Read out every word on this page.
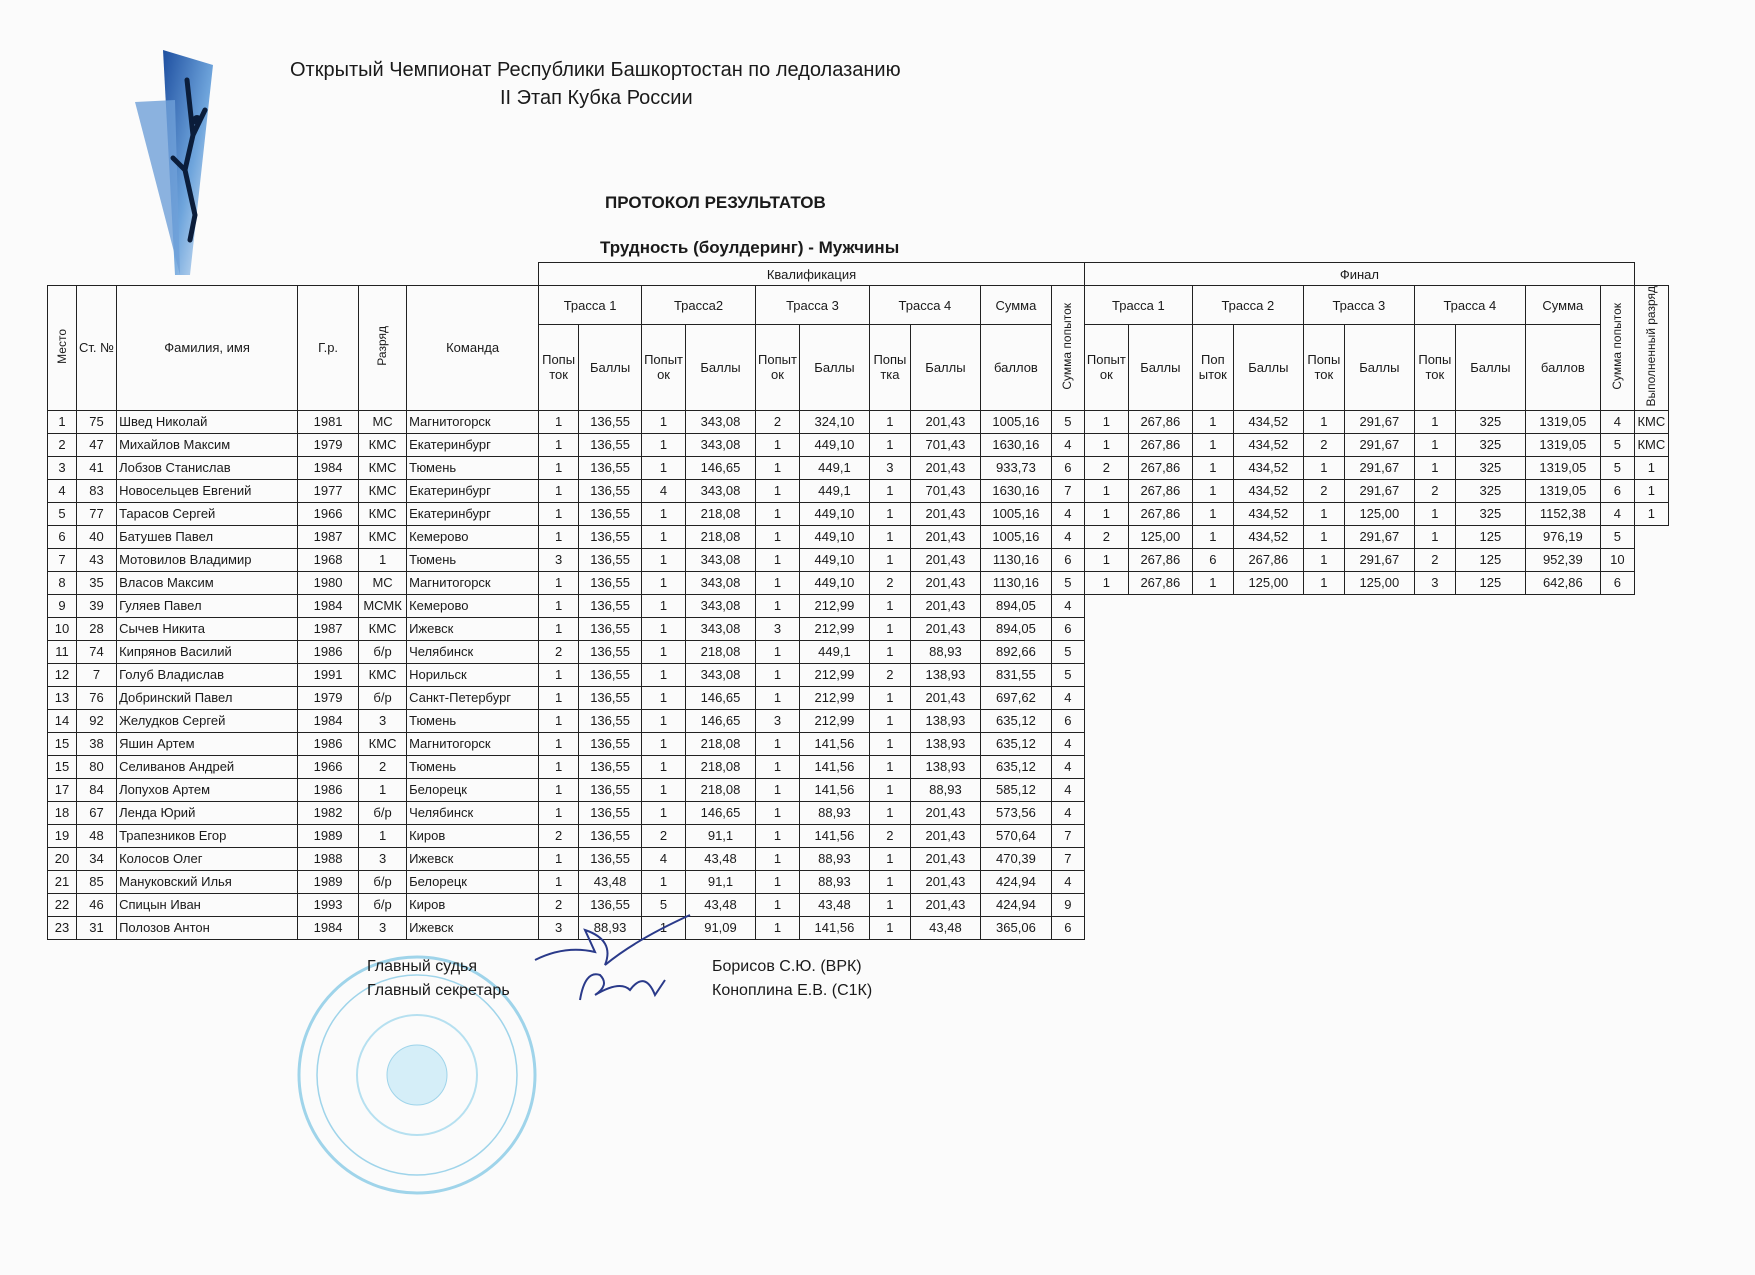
Открытый Чемпионат Республики Башкортостан по ледолазанию
II Этап Кубка России
ПРОТОКОЛ РЕЗУЛЬТАТОВ
Трудность (боулдеринг) - Мужчины
						Квалификация										Финал										
Место	Ст. №	Фамилия, имя	Г.р.	Разряд	Команда	Трасса 1		Трасса2		Трасса 3		Трасса 4		Сумма	Сумма попыток	Трасса 1		Трасса 2		Трасса 3		Трасса 4		Сумма	Сумма попыток	Выполненный разряд
						Попы ток	Баллы	Попыт ок	Баллы	Попыт ок	Баллы	Попы тка	Баллы	баллов		Попыт ок	Баллы	Поп ыток	Баллы	Попы ток	Баллы	Попы ток	Баллы	баллов		
1	75	Швед Николай	1981	МС	Магнитогорск	1	136,55	1	343,08	2	324,10	1	201,43	1005,16	5	1	267,86	1	434,52	1	291,67	1	325	1319,05	4	КМС
2	47	Михайлов Максим	1979	КМС	Екатеринбург	1	136,55	1	343,08	1	449,10	1	701,43	1630,16	4	1	267,86	1	434,52	2	291,67	1	325	1319,05	5	КМС
3	41	Лобзов Станислав	1984	КМС	Тюмень	1	136,55	1	146,65	1	449,1	3	201,43	933,73	6	2	267,86	1	434,52	1	291,67	1	325	1319,05	5	1
4	83	Новосельцев Евгений	1977	КМС	Екатеринбург	1	136,55	4	343,08	1	449,1	1	701,43	1630,16	7	1	267,86	1	434,52	2	291,67	2	325	1319,05	6	1
5	77	Тарасов Сергей	1966	КМС	Екатеринбург	1	136,55	1	218,08	1	449,10	1	201,43	1005,16	4	1	267,86	1	434,52	1	125,00	1	325	1152,38	4	1
6	40	Батушев Павел	1987	КМС	Кемерово	1	136,55	1	218,08	1	449,10	1	201,43	1005,16	4	2	125,00	1	434,52	1	291,67	1	125	976,19	5	
7	43	Мотовилов Владимир	1968	1	Тюмень	3	136,55	1	343,08	1	449,10	1	201,43	1130,16	6	1	267,86	6	267,86	1	291,67	2	125	952,39	10	
8	35	Власов Максим	1980	МС	Магнитогорск	1	136,55	1	343,08	1	449,10	2	201,43	1130,16	5	1	267,86	1	125,00	1	125,00	3	125	642,86	6	
9	39	Гуляев Павел	1984	МСМК	Кемерово	1	136,55	1	343,08	1	212,99	1	201,43	894,05	4											
10	28	Сычев Никита	1987	КМС	Ижевск	1	136,55	1	343,08	3	212,99	1	201,43	894,05	6											
11	74	Кипрянов Василий	1986	б/р	Челябинск	2	136,55	1	218,08	1	449,1	1	88,93	892,66	5											
12	7	Голуб Владислав	1991	КМС	Норильск	1	136,55	1	343,08	1	212,99	2	138,93	831,55	5											
13	76	Добринский Павел	1979	б/р	Санкт-Петербург	1	136,55	1	146,65	1	212,99	1	201,43	697,62	4											
14	92	Желудков Сергей	1984	3	Тюмень	1	136,55	1	146,65	3	212,99	1	138,93	635,12	6											
15	38	Яшин Артем	1986	КМС	Магнитогорск	1	136,55	1	218,08	1	141,56	1	138,93	635,12	4											
15	80	Селиванов Андрей	1966	2	Тюмень	1	136,55	1	218,08	1	141,56	1	138,93	635,12	4											
17	84	Лопухов Артем	1986	1	Белорецк	1	136,55	1	218,08	1	141,56	1	88,93	585,12	4											
18	67	Ленда Юрий	1982	б/р	Челябинск	1	136,55	1	146,65	1	88,93	1	201,43	573,56	4											
19	48	Трапезников Егор	1989	1	Киров	2	136,55	2	91,1	1	141,56	2	201,43	570,64	7											
20	34	Колосов Олег	1988	3	Ижевск	1	136,55	4	43,48	1	88,93	1	201,43	470,39	7											
21	85	Мануковский Илья	1989	б/р	Белорецк	1	43,48	1	91,1	1	88,93	1	201,43	424,94	4											
22	46	Спицын Иван	1993	б/р	Киров	2	136,55	5	43,48	1	43,48	1	201,43	424,94	9											
23	31	Полозов Антон	1984	3	Ижевск	3	88,93	1	91,09	1	141,56	1	43,48	365,06	6											
Главный судья
Главный секретарь
Борисов С.Ю. (ВРК)
Коноплина Е.В. (С1К)
